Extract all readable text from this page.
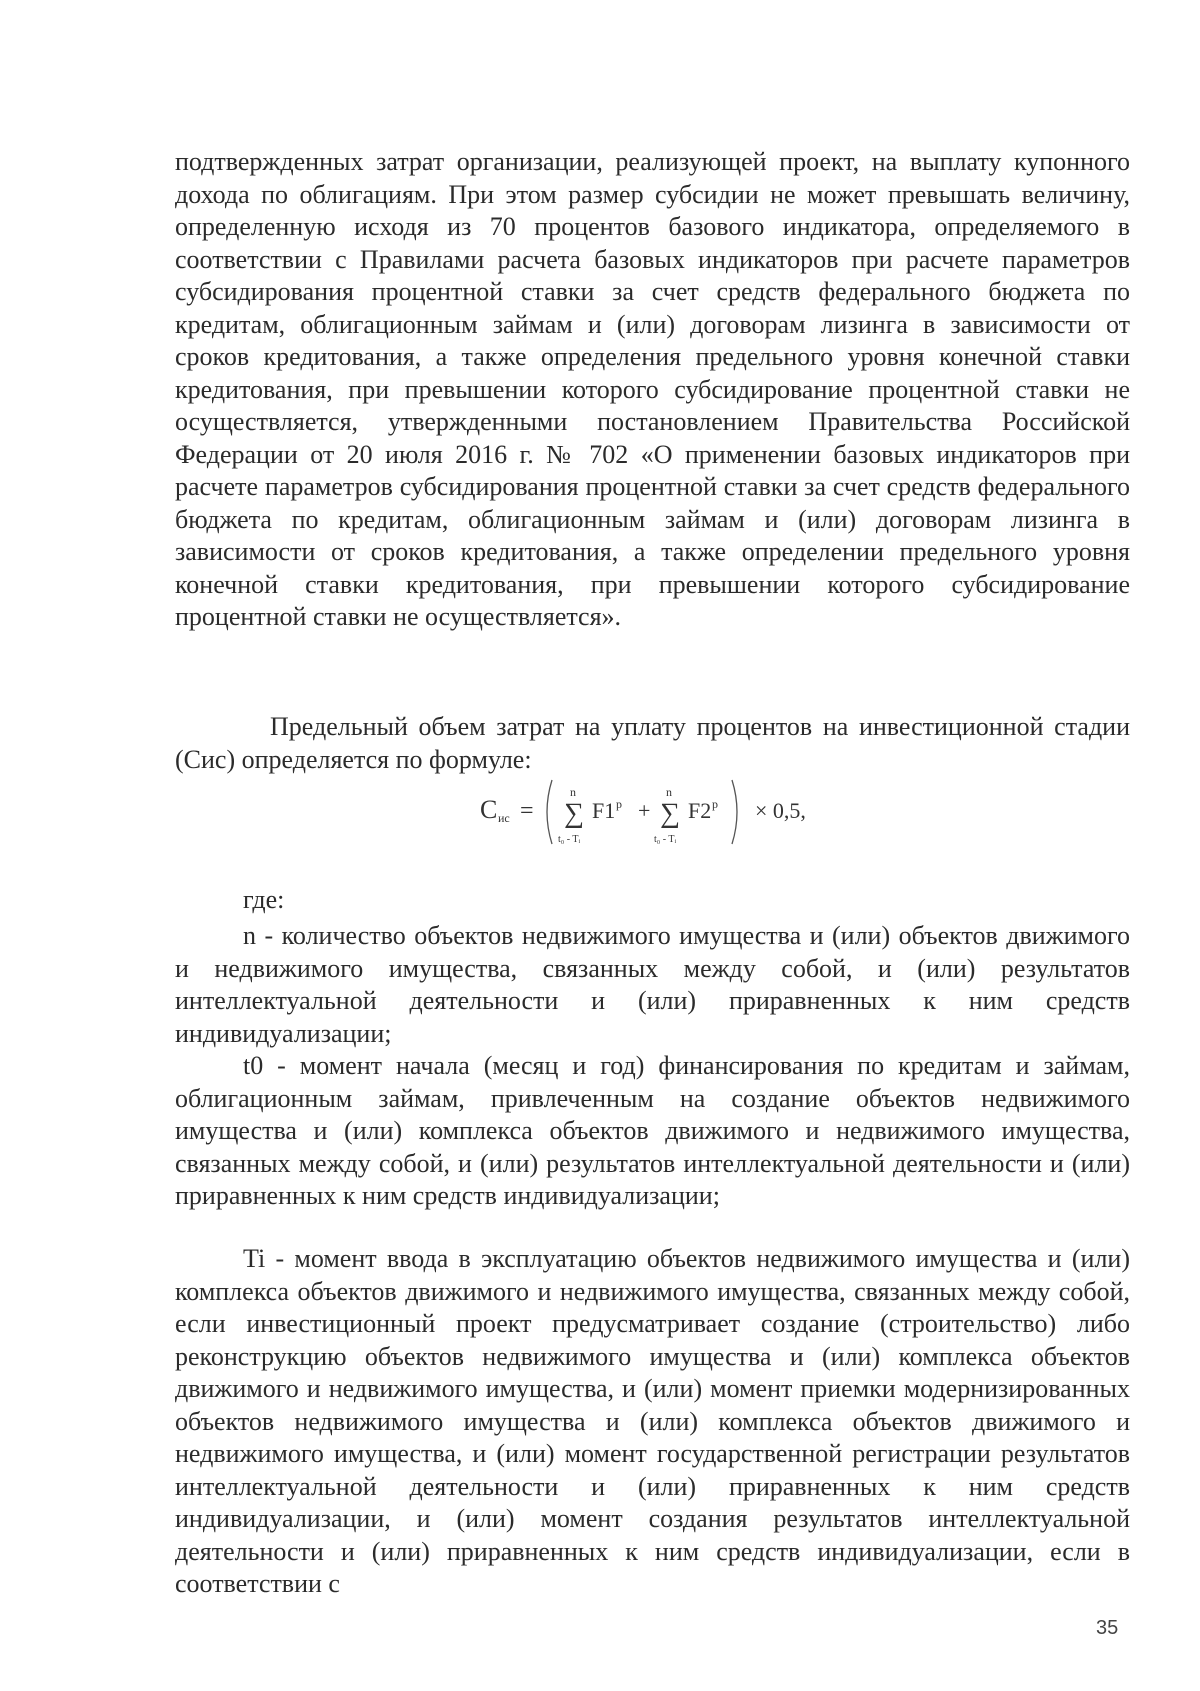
подтвержденных затрат организации, реализующей проект, на выплату купонного дохода по облигациям. При этом размер субсидии не может превышать величину, определенную исходя из 70 процентов базового индикатора, определяемого в соответствии с Правилами расчета базовых индикаторов при расчете параметров субсидирования процентной ставки за счет средств федерального бюджета по кредитам, облигационным займам и (или) договорам лизинга в зависимости от сроков кредитования, а также определения предельного уровня конечной ставки кредитования, при превышении которого субсидирование процентной ставки не осуществляется, утвержденными постановлением Правительства Российской Федерации от 20 июля 2016 г. № 702 «О применении базовых индикаторов при расчете параметров субсидирования процентной ставки за счет средств федерального бюджета по кредитам, облигационным займам и (или) договорам лизинга в зависимости от сроков кредитования, а также определении предельного уровня конечной ставки кредитования, при превышении которого субсидирование процентной ставки не осуществляется».
Предельный объем затрат на уплату процентов на инвестиционной стадии (Сис) определяется по формуле:
C ис =
n
∑
t₀ - Tᵢ
F1 p +
n
∑
t₀ - Tᵢ
F2 p × 0,5,
где:
n - количество объектов недвижимого имущества и (или) объектов движимого и недвижимого имущества, связанных между собой, и (или) результатов интеллектуальной деятельности и (или) приравненных к ним средств индивидуализации;
t0 - момент начала (месяц и год) финансирования по кредитам и займам, облигационным займам, привлеченным на создание объектов недвижимого имущества и (или) комплекса объектов движимого и недвижимого имущества, связанных между собой, и (или) результатов интеллектуальной деятельности и (или) приравненных к ним средств индивидуализации;
Ti - момент ввода в эксплуатацию объектов недвижимого имущества и (или) комплекса объектов движимого и недвижимого имущества, связанных между собой, если инвестиционный проект предусматривает создание (строительство) либо реконструкцию объектов недвижимого имущества и (или) комплекса объектов движимого и недвижимого имущества, и (или) момент приемки модернизированных объектов недвижимого имущества и (или) комплекса объектов движимого и недвижимого имущества, и (или) момент государственной регистрации результатов интеллектуальной деятельности и (или) приравненных к ним средств индивидуализации, и (или) момент создания результатов интеллектуальной деятельности и (или) приравненных к ним средств индивидуализации, если в соответствии с
35
